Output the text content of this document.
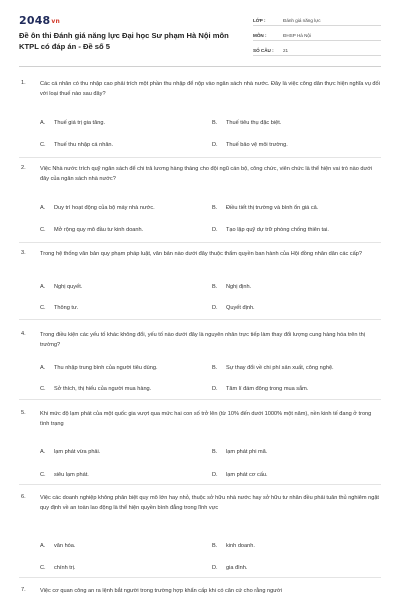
2048vn
Đề ôn thi Đánh giá năng lực Đại học Sư phạm Hà Nội môn KTPL có đáp án - Đề số 5
LỚP :	Đánh giá năng lực
MÔN :	ĐHSP Hà Nội
SỐ CÂU :	21
1.	Các cá nhân có thu nhập cao phải trích một phần thu nhập để nộp vào ngân sách nhà nước. Đây là việc công dân thực hiện nghĩa vụ đối với loại thuế nào sau đây?
A. Thuế giá trị gia tăng.	B. Thuế tiêu thụ đặc biệt.
C. Thuế thu nhập cá nhân.	D. Thuế bảo vệ môi trường.
2.	Việc Nhà nước trích quỹ ngân sách để chi trả lương hàng tháng cho đội ngũ cán bộ, công chức, viên chức là thể hiện vai trò nào dưới đây của ngân sách nhà nước?
A. Duy trì hoạt động của bộ máy nhà nước.	B. Điều tiết thị trường và bình ổn giá cả.
C. Mở rộng quy mô đầu tư kinh doanh.	D. Tạo lập quỹ dự trữ phòng chống thiên tai.
3.	Trong hệ thống văn bản quy phạm pháp luật, văn bản nào dưới đây thuộc thẩm quyền ban hành của Hội đồng nhân dân các cấp?
A. Nghị quyết.	B. Nghị định.
C. Thông tư.	D. Quyết định.
4.	Trong điều kiện các yếu tố khác không đổi, yếu tố nào dưới đây là nguyên nhân trực tiếp làm thay đổi lượng cung hàng hóa trên thị trường?
A. Thu nhập trung bình của người tiêu dùng.	B. Sự thay đổi về chi phí sản xuất, công nghệ.
C. Sở thích, thị hiếu của người mua hàng.	D. Tâm lí đám đông trong mua sắm.
5.	Khi mức độ lạm phát của một quốc gia vượt qua mức hai con số trở lên (từ 10% đến dưới 1000% một năm), nền kinh tế đang ở trong tình trạng
A. lạm phát vừa phải.	B. lạm phát phi mã.
C. siêu lạm phát.	D. lạm phát cơ cấu.
6.	Việc các doanh nghiệp không phân biệt quy mô lớn hay nhỏ, thuộc sở hữu nhà nước hay sở hữu tư nhân đều phải tuân thủ nghiêm ngặt quy định về an toàn lao động là thể hiện quyền bình đẳng trong lĩnh vực
A. văn hóa.	B. kinh doanh.
C. chính trị.	D. gia đình.
7.	Việc cơ quan công an ra lệnh bắt người trong trường hợp khẩn cấp khi có căn cứ cho rằng người
